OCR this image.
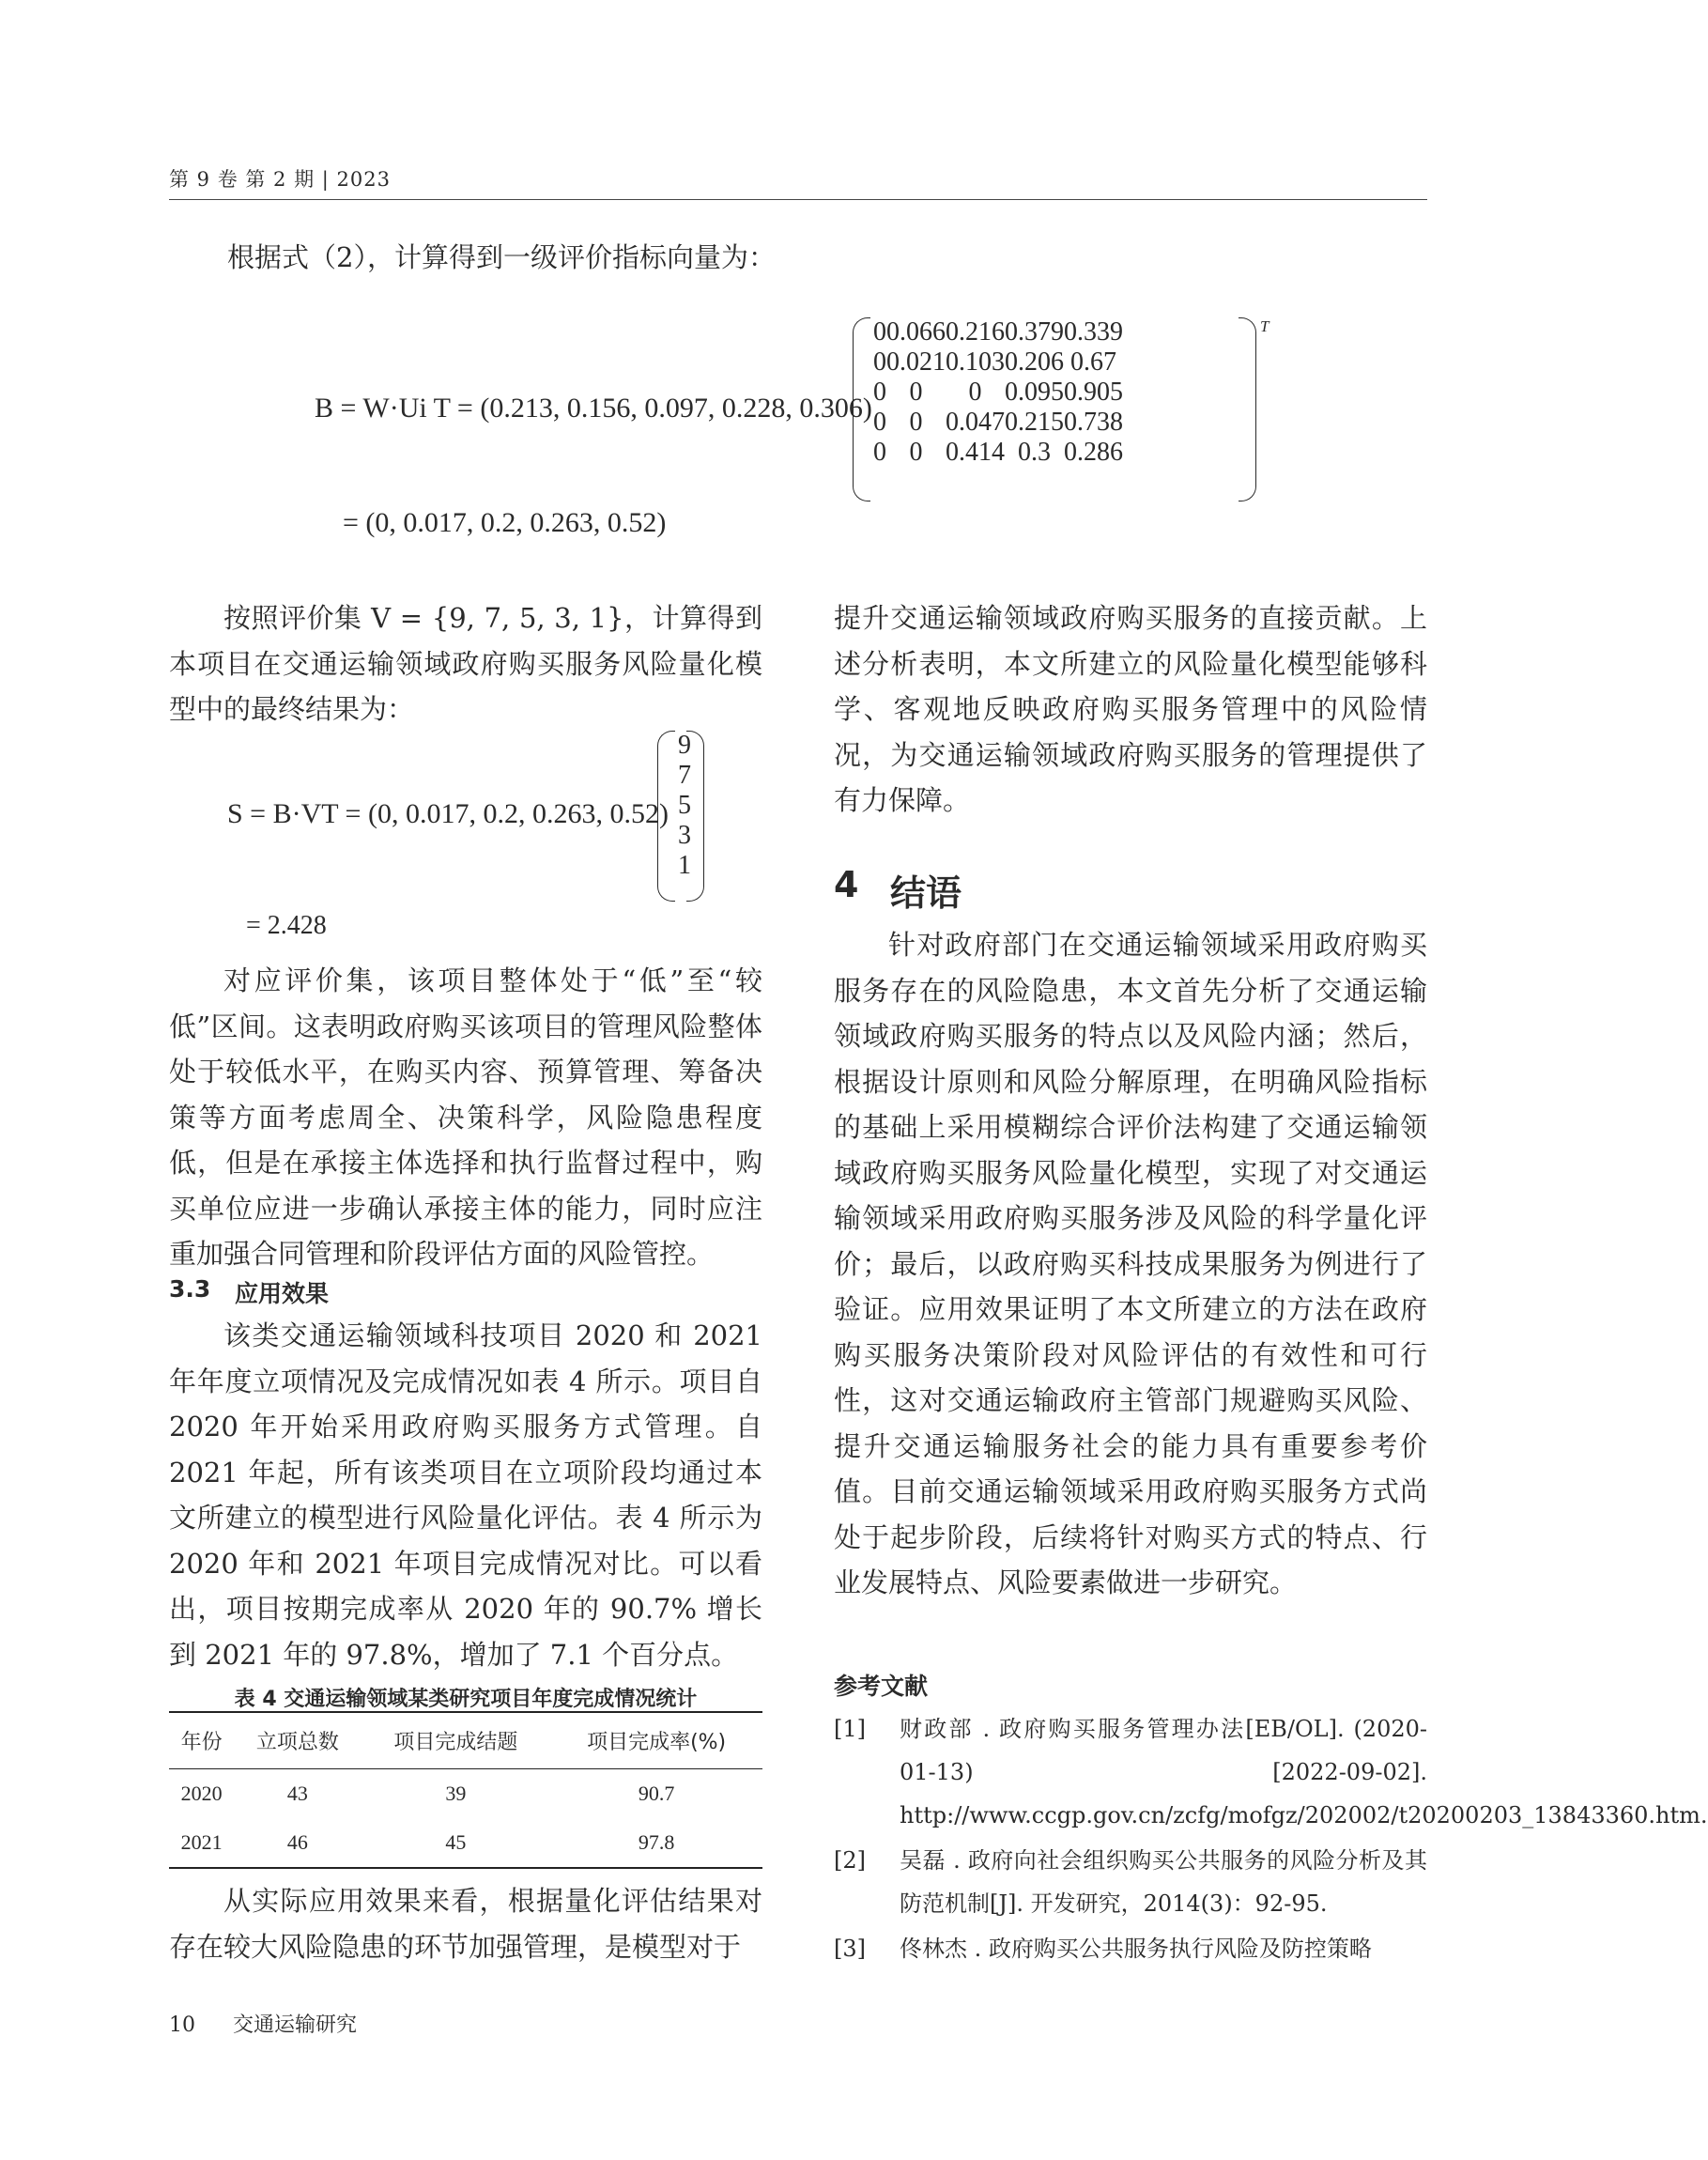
第 9 卷 第 2 期 | 2023
根据式（2），计算得到一级评价指标向量为：
B = W·Ui T = (0.213, 0.156, 0.097, 0.228, 0.306)
0	0.066	0.216	0.379	0.339
0	0.021	0.103	0.206	0.67
0	0	0	0.095	0.905
0	0	0.047	0.215	0.738
0	0	0.414	0.3	0.286
T
= (0, 0.017, 0.2, 0.263, 0.52)
按照评价集 V = {9, 7, 5, 3, 1}，计算得到本项目在交通运输领域政府购买服务风险量化模型中的最终结果为：
S = B·VT = (0, 0.017, 0.2, 0.263, 0.52)
9
7
5
3
1
= 2.428
对应评价集，该项目整体处于“低”至“较低”区间。这表明政府购买该项目的管理风险整体处于较低水平，在购买内容、预算管理、筹备决策等方面考虑周全、决策科学，风险隐患程度低，但是在承接主体选择和执行监督过程中，购买单位应进一步确认承接主体的能力，同时应注重加强合同管理和阶段评估方面的风险管控。
3.3 应用效果
该类交通运输领域科技项目 2020 和 2021 年年度立项情况及完成情况如表 4 所示。项目自 2020 年开始采用政府购买服务方式管理。自 2021 年起，所有该类项目在立项阶段均通过本文所建立的模型进行风险量化评估。表 4 所示为 2020 年和 2021 年项目完成情况对比。可以看出，项目按期完成率从 2020 年的 90.7% 增长到 2021 年的 97.8%，增加了 7.1 个百分点。
表 4 交通运输领域某类研究项目年度完成情况统计
年份	立项总数	项目完成结题	项目完成率(%)
2020	43	39	90.7
2021	46	45	97.8
从实际应用效果来看，根据量化评估结果对存在较大风险隐患的环节加强管理，是模型对于
提升交通运输领域政府购买服务的直接贡献。上述分析表明，本文所建立的风险量化模型能够科学、客观地反映政府购买服务管理中的风险情况，为交通运输领域政府购买服务的管理提供了有力保障。
4 结语
针对政府部门在交通运输领域采用政府购买服务存在的风险隐患，本文首先分析了交通运输领域政府购买服务的特点以及风险内涵；然后，根据设计原则和风险分解原理，在明确风险指标的基础上采用模糊综合评价法构建了交通运输领域政府购买服务风险量化模型，实现了对交通运输领域采用政府购买服务涉及风险的科学量化评价；最后，以政府购买科技成果服务为例进行了验证。应用效果证明了本文所建立的方法在政府购买服务决策阶段对风险评估的有效性和可行性，这对交通运输政府主管部门规避购买风险、提升交通运输服务社会的能力具有重要参考价值。目前交通运输领域采用政府购买服务方式尚处于起步阶段，后续将针对购买方式的特点、行业发展特点、风险要素做进一步研究。
参考文献
[1] 财政部 . 政府购买服务管理办法[EB/OL]. (2020-01-13) [2022-09-02]. http://www.ccgp.gov.cn/zcfg/mofgz/202002/t20200203_13843360.htm.
[2] 吴磊 . 政府向社会组织购买公共服务的风险分析及其防范机制[J]. 开发研究，2014(3)：92-95.
[3] 佟林杰 . 政府购买公共服务执行风险及防控策略
10 交通运输研究
